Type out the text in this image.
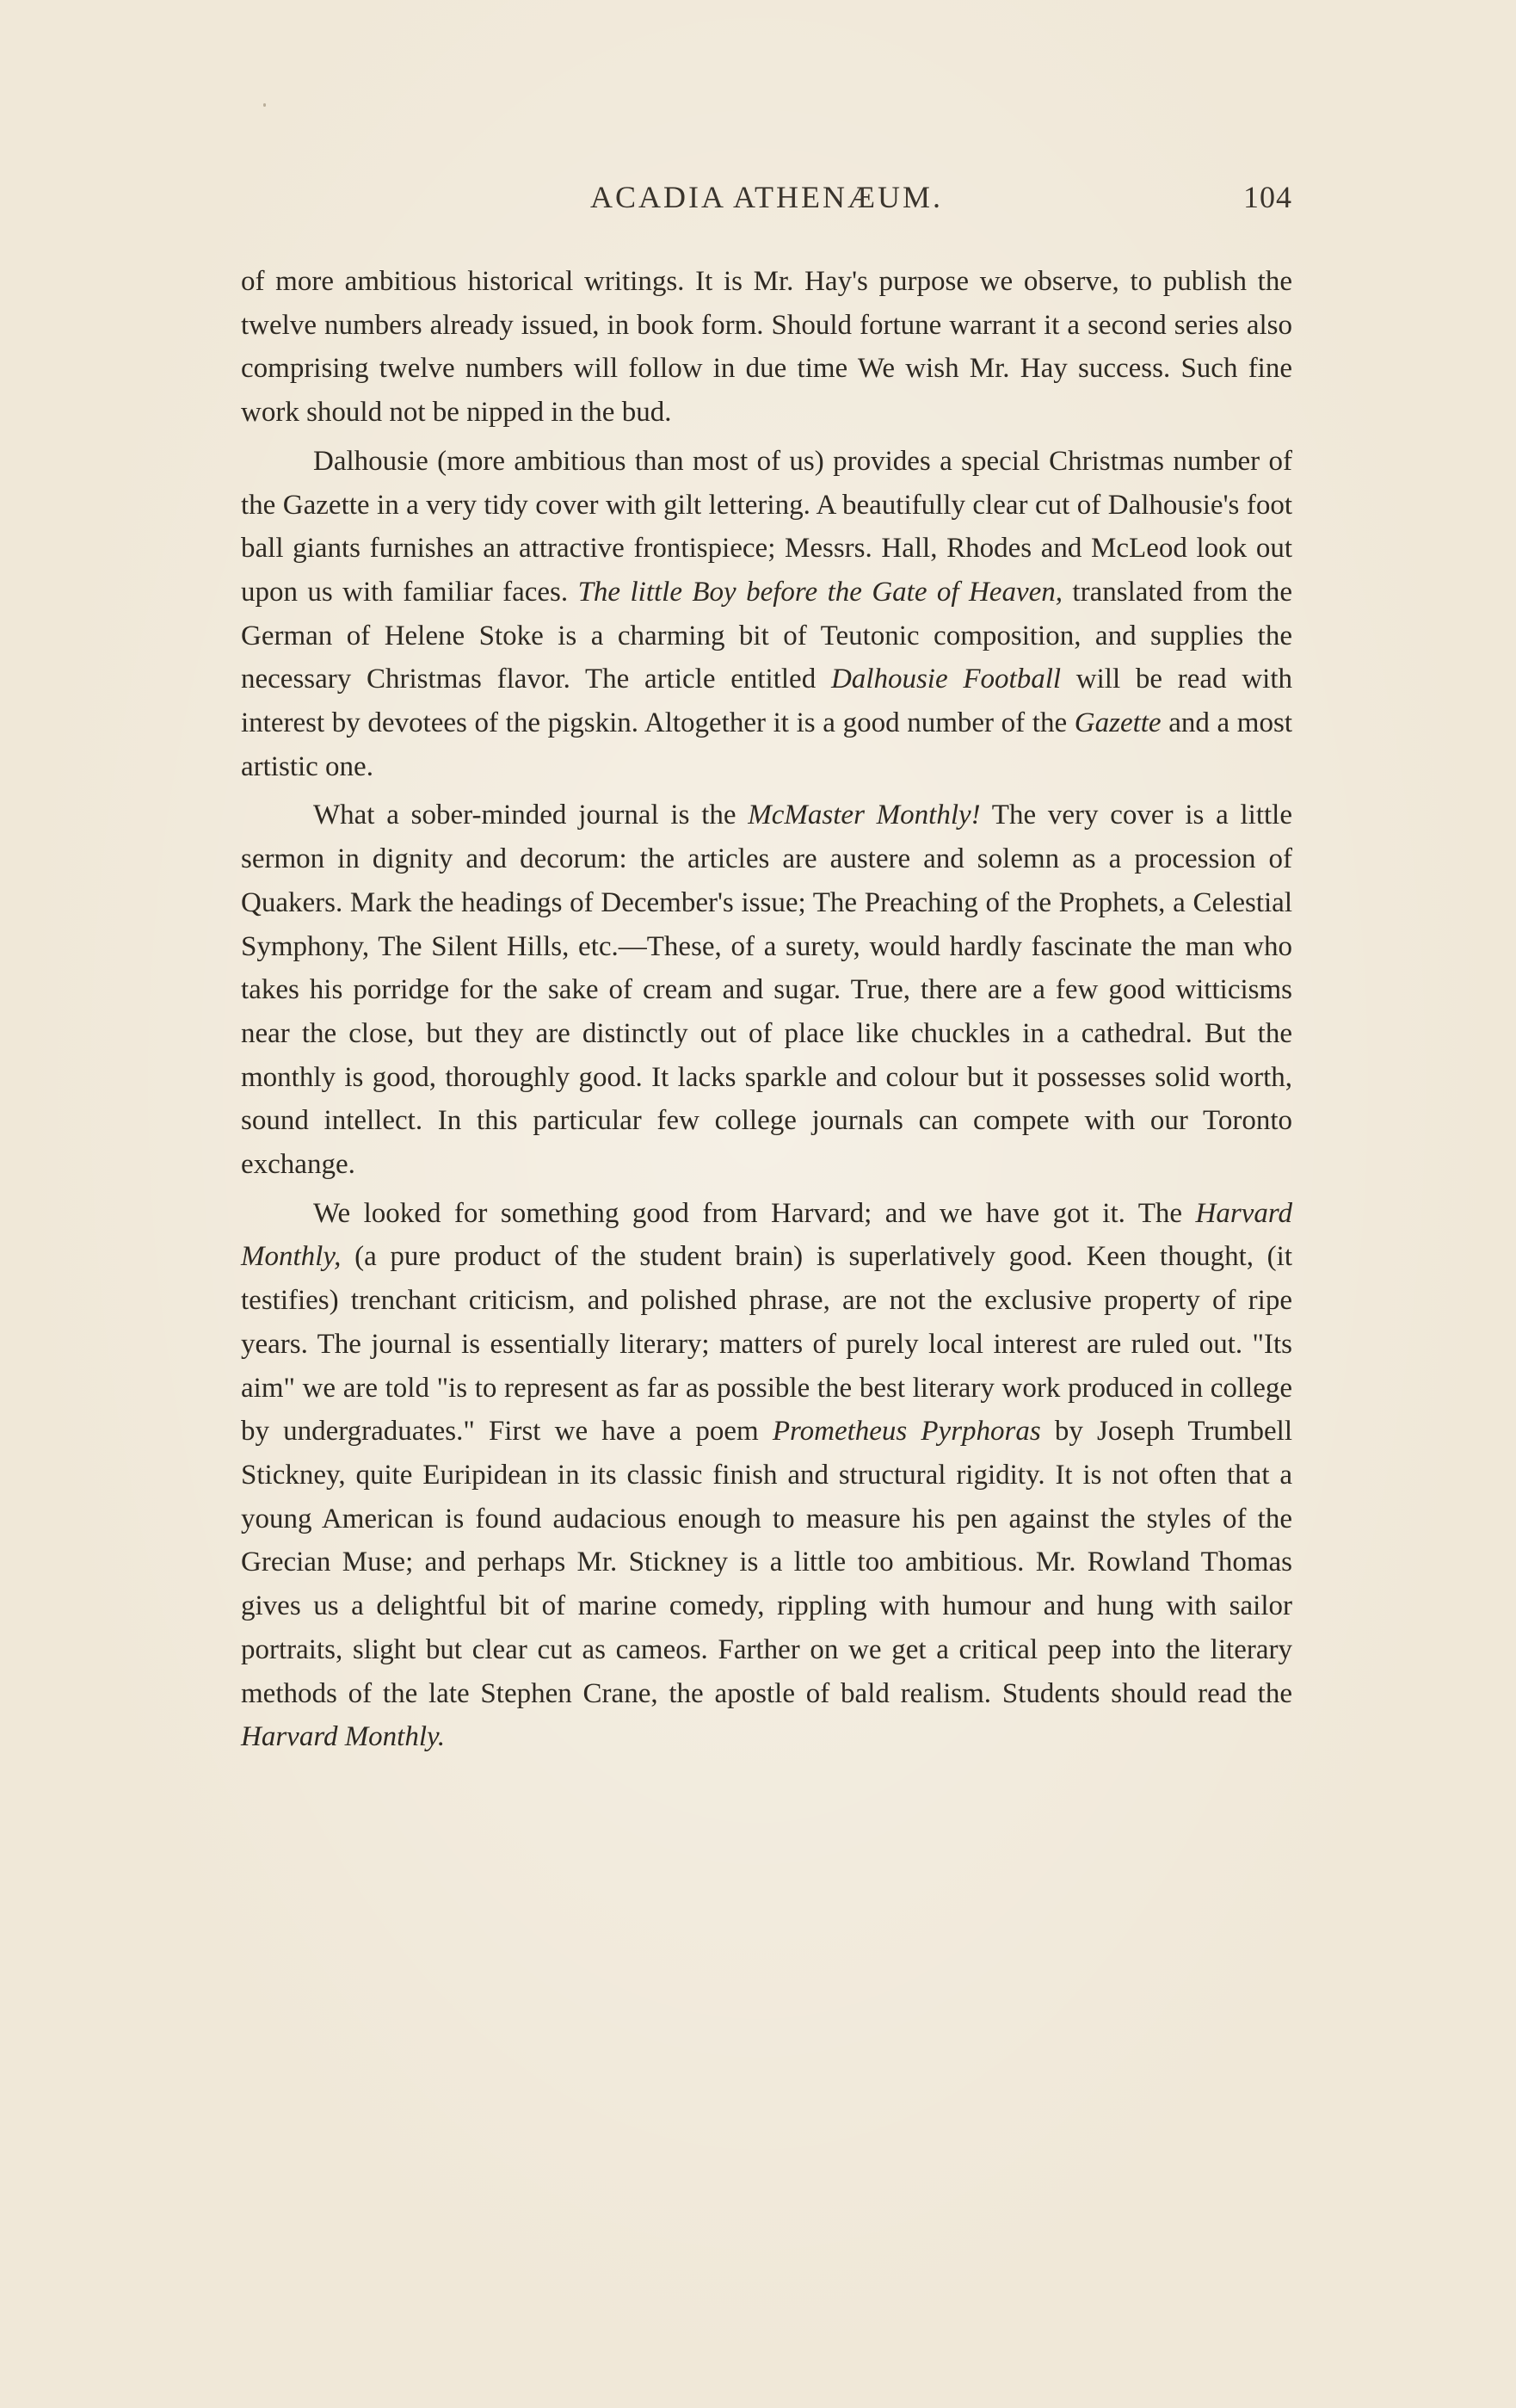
ACADIA ATHENÆUM.	104

of more ambitious historical writings. It is Mr. Hay's purpose we observe, to publish the twelve numbers already issued, in book form. Should fortune warrant it a second series also comprising twelve numbers will follow in due time We wish Mr. Hay success. Such fine work should not be nipped in the bud.

Dalhousie (more ambitious than most of us) provides a special Christmas number of the Gazette in a very tidy cover with gilt lettering. A beautifully clear cut of Dalhousie's foot ball giants furnishes an attractive frontispiece; Messrs. Hall, Rhodes and McLeod look out upon us with familiar faces. The little Boy before the Gate of Heaven, translated from the German of Helene Stoke is a charming bit of Teutonic composition, and supplies the necessary Christmas flavor. The article entitled Dalhousie Football will be read with interest by devotees of the pigskin. Altogether it is a good number of the Gazette and a most artistic one.

What a sober-minded journal is the McMaster Monthly! The very cover is a little sermon in dignity and decorum: the articles are austere and solemn as a procession of Quakers. Mark the headings of December's issue; The Preaching of the Prophets, a Celestial Symphony, The Silent Hills, etc.—These, of a surety, would hardly fascinate the man who takes his porridge for the sake of cream and sugar. True, there are a few good witticisms near the close, but they are distinctly out of place like chuckles in a cathedral. But the monthly is good, thoroughly good. It lacks sparkle and colour but it possesses solid worth, sound intellect. In this particular few college journals can compete with our Toronto exchange.

We looked for something good from Harvard; and we have got it. The Harvard Monthly, (a pure product of the student brain) is superlatively good. Keen thought, (it testifies) trenchant criticism, and polished phrase, are not the exclusive property of ripe years. The journal is essentially literary; matters of purely local interest are ruled out. "Its aim" we are told "is to represent as far as possible the best literary work produced in college by undergraduates." First we have a poem Prometheus Pyrphoras by Joseph Trumbell Stickney, quite Euripidean in its classic finish and structural rigidity. It is not often that a young American is found audacious enough to measure his pen against the styles of the Grecian Muse; and perhaps Mr. Stickney is a little too ambitious. Mr. Rowland Thomas gives us a delightful bit of marine comedy, rippling with humour and hung with sailor portraits, slight but clear cut as cameos. Farther on we get a critical peep into the literary methods of the late Stephen Crane, the apostle of bald realism. Students should read the Harvard Monthly.
